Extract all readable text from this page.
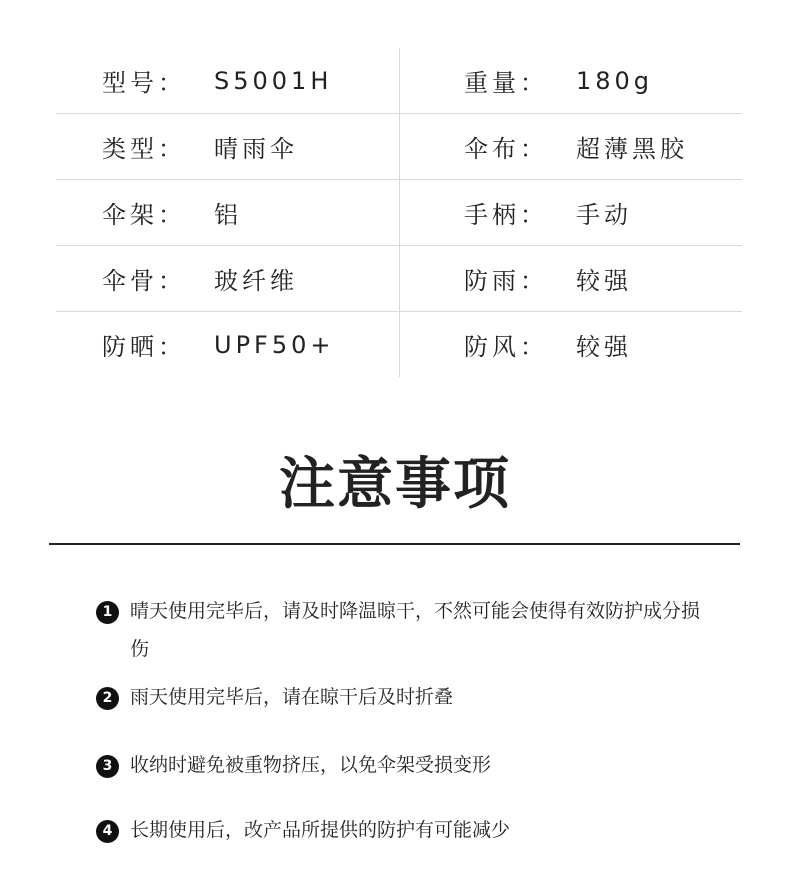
型号： S5001H	重量： 180g
类型： 晴雨伞	伞布： 超薄黑胶
伞架： 铝	手柄： 手动
伞骨： 玻纤维	防雨： 较强
防晒： UPF50+	防风： 较强
注意事项
1 晴天使用完毕后，请及时降温晾干，不然可能会使得有效防护成分损伤
2 雨天使用完毕后，请在晾干后及时折叠
3 收纳时避免被重物挤压，以免伞架受损变形
4 长期使用后，改产品所提供的防护有可能减少
